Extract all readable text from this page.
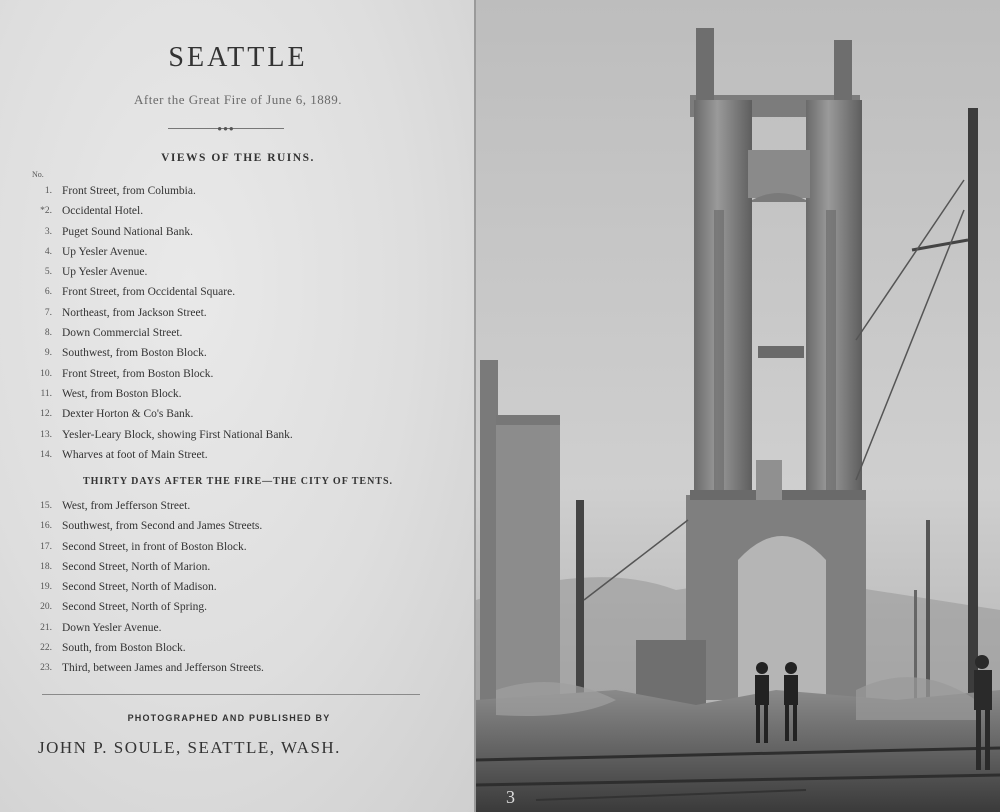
SEATTLE
After the Great Fire of June 6, 1889.
●●●
VIEWS OF THE RUINS.
No.
1. Front Street, from Columbia.
*2. Occidental Hotel.
3. Puget Sound National Bank.
4. Up Yesler Avenue.
5. Up Yesler Avenue.
6. Front Street, from Occidental Square.
7. Northeast, from Jackson Street.
8. Down Commercial Street.
9. Southwest, from Boston Block.
10. Front Street, from Boston Block.
11. West, from Boston Block.
12. Dexter Horton & Co's Bank.
13. Yesler-Leary Block, showing First National Bank.
14. Wharves at foot of Main Street.
THIRTY DAYS AFTER THE FIRE—THE CITY OF TENTS.
15. West, from Jefferson Street.
16. Southwest, from Second and James Streets.
17. Second Street, in front of Boston Block.
18. Second Street, North of Marion.
19. Second Street, North of Madison.
20. Second Street, North of Spring.
21. Down Yesler Avenue.
22. South, from Boston Block.
23. Third, between James and Jefferson Streets.
PHOTOGRAPHED AND PUBLISHED BY
JOHN P. SOULE, SEATTLE, WASH.
3
